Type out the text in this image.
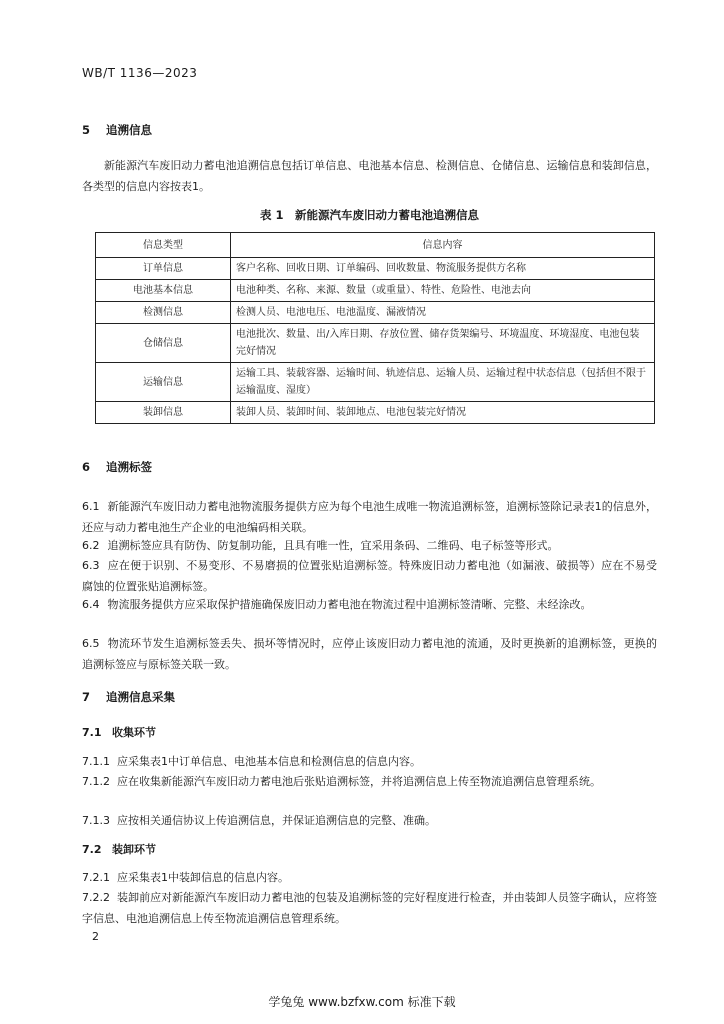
WB/T 1136—2023
5 追溯信息
新能源汽车废旧动力蓄电池追溯信息包括订单信息、电池基本信息、检测信息、仓储信息、运输信息和装卸信息，各类型的信息内容按表1。
表 1　新能源汽车废旧动力蓄电池追溯信息
信息类型	信息内容
订单信息	客户名称、回收日期、订单编码、回收数量、物流服务提供方名称
电池基本信息	电池种类、名称、来源、数量（或重量）、特性、危险性、电池去向
检测信息	检测人员、电池电压、电池温度、漏液情况
仓储信息	电池批次、数量、出/入库日期、存放位置、储存货架编号、环境温度、环境湿度、电池包装完好情况
运输信息	运输工具、装载容器、运输时间、轨迹信息、运输人员、运输过程中状态信息（包括但不限于运输温度、湿度）
装卸信息	装卸人员、装卸时间、装卸地点、电池包装完好情况
6 追溯标签
6.1 新能源汽车废旧动力蓄电池物流服务提供方应为每个电池生成唯一物流追溯标签，追溯标签除记录表1的信息外，还应与动力蓄电池生产企业的电池编码相关联。
6.2 追溯标签应具有防伪、防复制功能，且具有唯一性，宜采用条码、二维码、电子标签等形式。
6.3 应在便于识别、不易变形、不易磨损的位置张贴追溯标签。特殊废旧动力蓄电池（如漏液、破损等）应在不易受腐蚀的位置张贴追溯标签。
6.4 物流服务提供方应采取保护措施确保废旧动力蓄电池在物流过程中追溯标签清晰、完整、未经涂改。
6.5 物流环节发生追溯标签丢失、损坏等情况时，应停止该废旧动力蓄电池的流通，及时更换新的追溯标签，更换的追溯标签应与原标签关联一致。
7 追溯信息采集
7.1 收集环节
7.1.1 应采集表1中订单信息、电池基本信息和检测信息的信息内容。
7.1.2 应在收集新能源汽车废旧动力蓄电池后张贴追溯标签，并将追溯信息上传至物流追溯信息管理系统。
7.1.3 应按相关通信协议上传追溯信息，并保证追溯信息的完整、准确。
7.2 装卸环节
7.2.1 应采集表1中装卸信息的信息内容。
7.2.2 装卸前应对新能源汽车废旧动力蓄电池的包装及追溯标签的完好程度进行检查，并由装卸人员签字确认，应将签字信息、电池追溯信息上传至物流追溯信息管理系统。
2
学兔兔 www.bzfxw.com 标准下载
